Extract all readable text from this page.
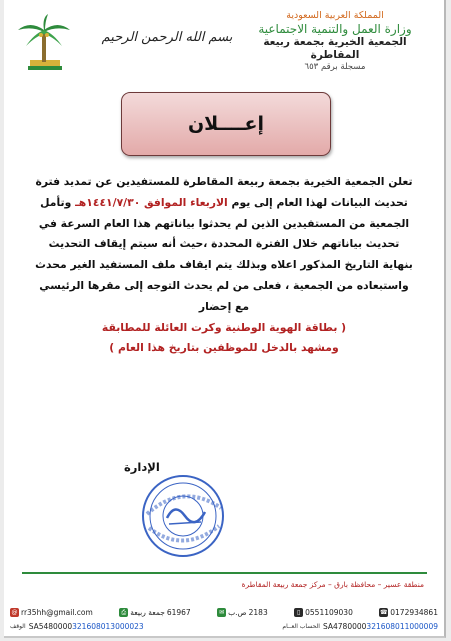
بسم الله الرحمن الرحيم
المملكة العربية السعودية
وزارة العمل والتنمية الاجتماعية
الجمعية الخيرية بجمعة ربيعة المقاطرة
مسجلة برقم ٦٥٣
إعــــلان
تعلن الجمعية الخيرية بجمعة ربيعة المقاطرة للمستفيدين عن تمديد فترة
تحديث البيانات لهذا العام إلى يوم الاربعاء الموافق ١٤٤١/٧/٣٠هـ وتأمل
الجمعية من المستفيدين الذين لم يحدثوا بياناتهم هذا العام السرعة في
تحديث بياناتهم خلال الفترة المحددة ،حيث أنه سيتم إيقاف التحديث
بنهاية التاريخ المذكور اعلاه وبذلك يتم ايقاف ملف المستفيد الغير محدث
واستبعاده من الجمعية ، فعلى من لم يحدث التوجه إلى مقرها الرئيسي
مع إحضار
( بطاقة الهوية الوطنية وكرت العائلة للمطابقة
ومشهد بالدخل للموظفين بتاريخ هذا العام )
الإدارة
منطقة عسير – محافظة بارق – مركز جمعة ربيعة المقاطرة
☎ 0172934861
▯ 0551109030
✉ ص.ب 2183
⎙ جمعة ربيعة 61967
@ rr35hh@gmail.com
الحساب العــام SA4780000321608011000009
الوقف SA5480000321608013000023
